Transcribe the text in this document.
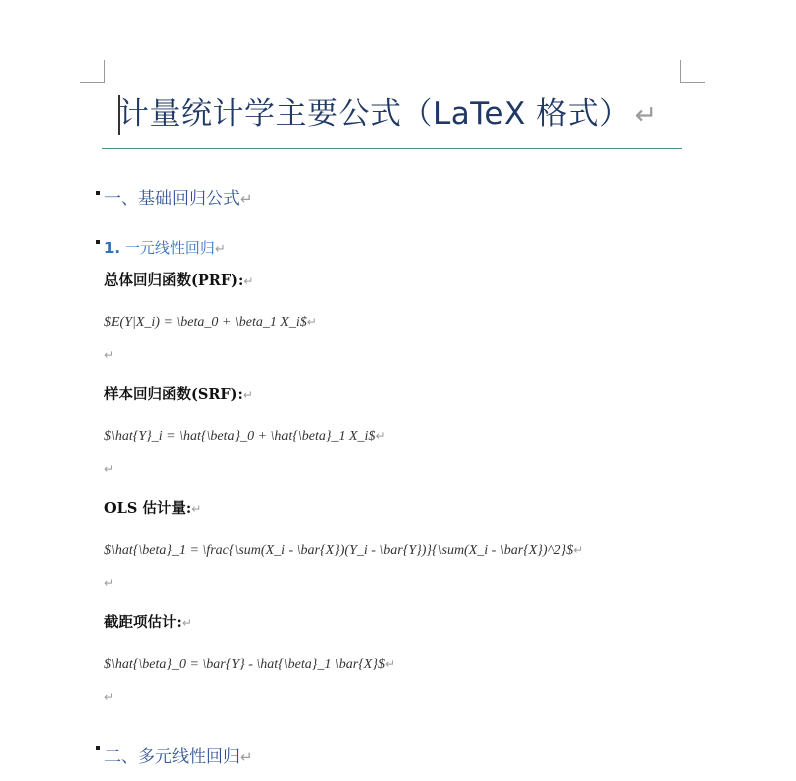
计量统计学主要公式（LaTeX 格式） ↵
一、基础回归公式↵
1. 一元线性回归↵
总体回归函数(PRF):↵
$E(Y|X_i) = \beta_0 + \beta_1 X_i$↵
↵
样本回归函数(SRF):↵
$\hat{Y}_i = \hat{\beta}_0 + \hat{\beta}_1 X_i$↵
↵
OLS 估计量:↵
$\hat{\beta}_1 = \frac{\sum(X_i - \bar{X})(Y_i - \bar{Y})}{\sum(X_i - \bar{X})^2}$↵
↵
截距项估计:↵
$\hat{\beta}_0 = \bar{Y} - \hat{\beta}_1 \bar{X}$↵
↵
二、多元线性回归↵
